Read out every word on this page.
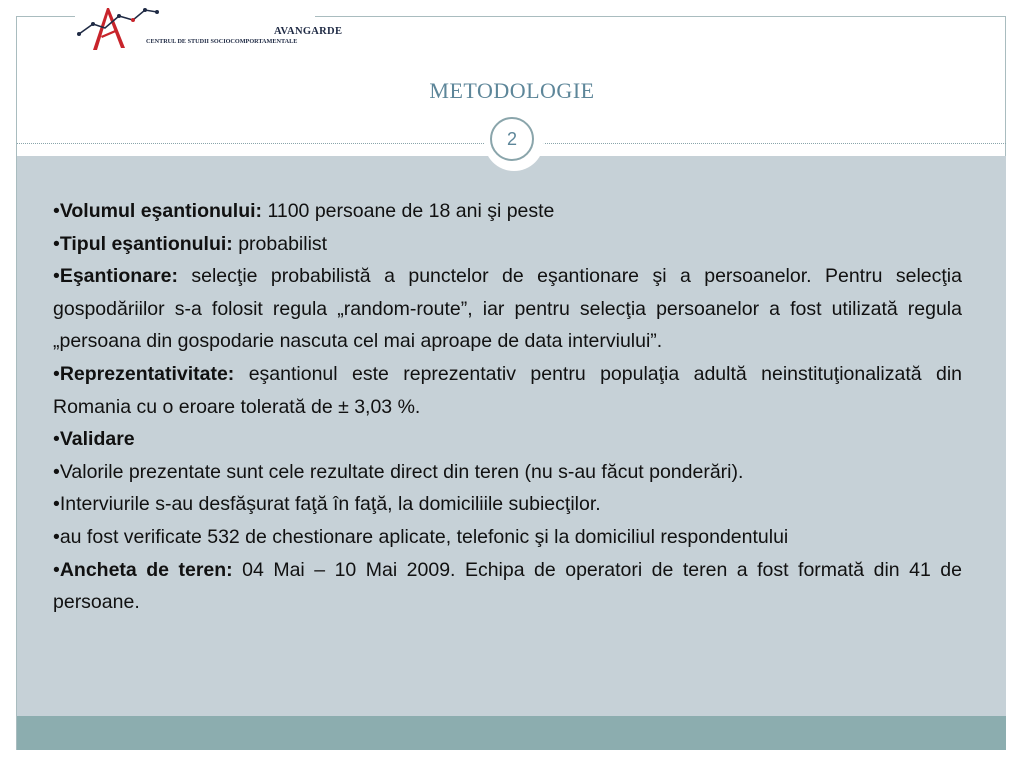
AVANGARDE
CENTRUL DE STUDII SOCIOCOMPORTAMENTALE
METODOLOGIE
2

•Volumul eşantionului: 1100 persoane de 18 ani şi peste

•Tipul eşantionului: probabilist

•Eşantionare: selecţie probabilistă a punctelor de eşantionare şi a persoanelor. Pentru selecţia gospodăriilor s-a folosit regula „random-route”, iar pentru selecţia persoanelor a fost utilizată regula „persoana din gospodarie nascuta cel mai aproape de data interviului”.

•Reprezentativitate: eşantionul este reprezentativ pentru populaţia adultă neinstituţionalizată din Romania cu o eroare tolerată de ± 3,03 %.

•Validare

•Valorile prezentate sunt cele rezultate direct din teren (nu s-au făcut ponderări).

•Interviurile s-au desfăşurat faţă în faţă, la domiciliile subiecţilor.

•au fost verificate 532 de chestionare aplicate, telefonic şi la domiciliul respondentului

•Ancheta de teren: 04 Mai – 10 Mai 2009. Echipa de operatori de teren a fost formată din 41 de persoane.
